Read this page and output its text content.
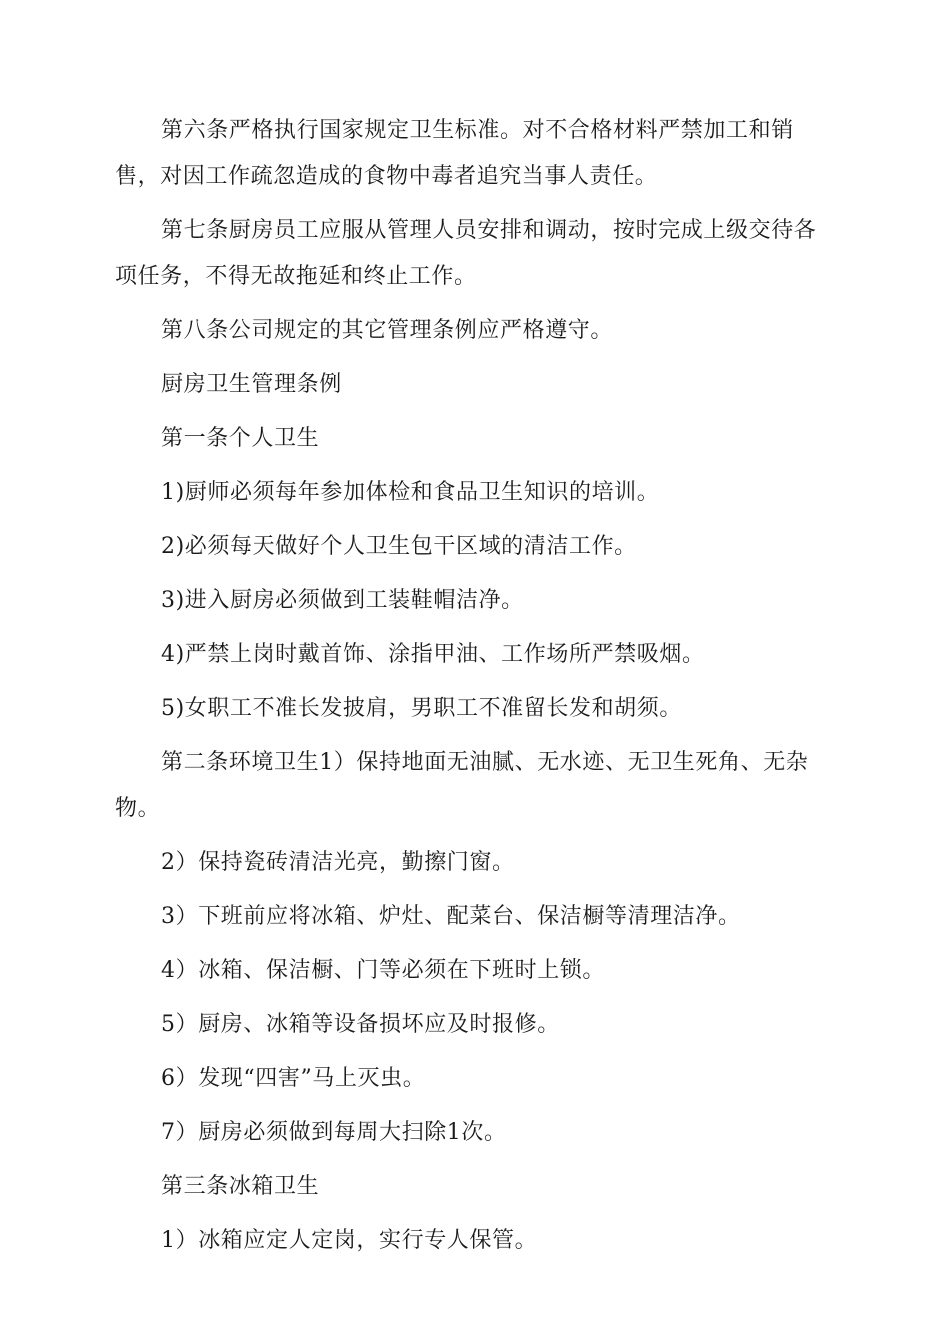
第六条严格执行国家规定卫生标准。对不合格材料严禁加工和销售，对因工作疏忽造成的食物中毒者追究当事人责任。

第七条厨房员工应服从管理人员安排和调动，按时完成上级交待各项任务，不得无故拖延和终止工作。

第八条公司规定的其它管理条例应严格遵守。

厨房卫生管理条例

第一条个人卫生

1)厨师必须每年参加体检和食品卫生知识的培训。

2)必须每天做好个人卫生包干区域的清洁工作。

3)进入厨房必须做到工装鞋帽洁净。

4)严禁上岗时戴首饰、涂指甲油、工作场所严禁吸烟。

5)女职工不准长发披肩，男职工不准留长发和胡须。

第二条环境卫生1）保持地面无油腻、无水迹、无卫生死角、无杂物。

2）保持瓷砖清洁光亮，勤擦门窗。

3）下班前应将冰箱、炉灶、配菜台、保洁橱等清理洁净。

4）冰箱、保洁橱、门等必须在下班时上锁。

5）厨房、冰箱等设备损坏应及时报修。

6）发现“四害”马上灭虫。

7）厨房必须做到每周大扫除1次。

第三条冰箱卫生

1）冰箱应定人定岗，实行专人保管。
